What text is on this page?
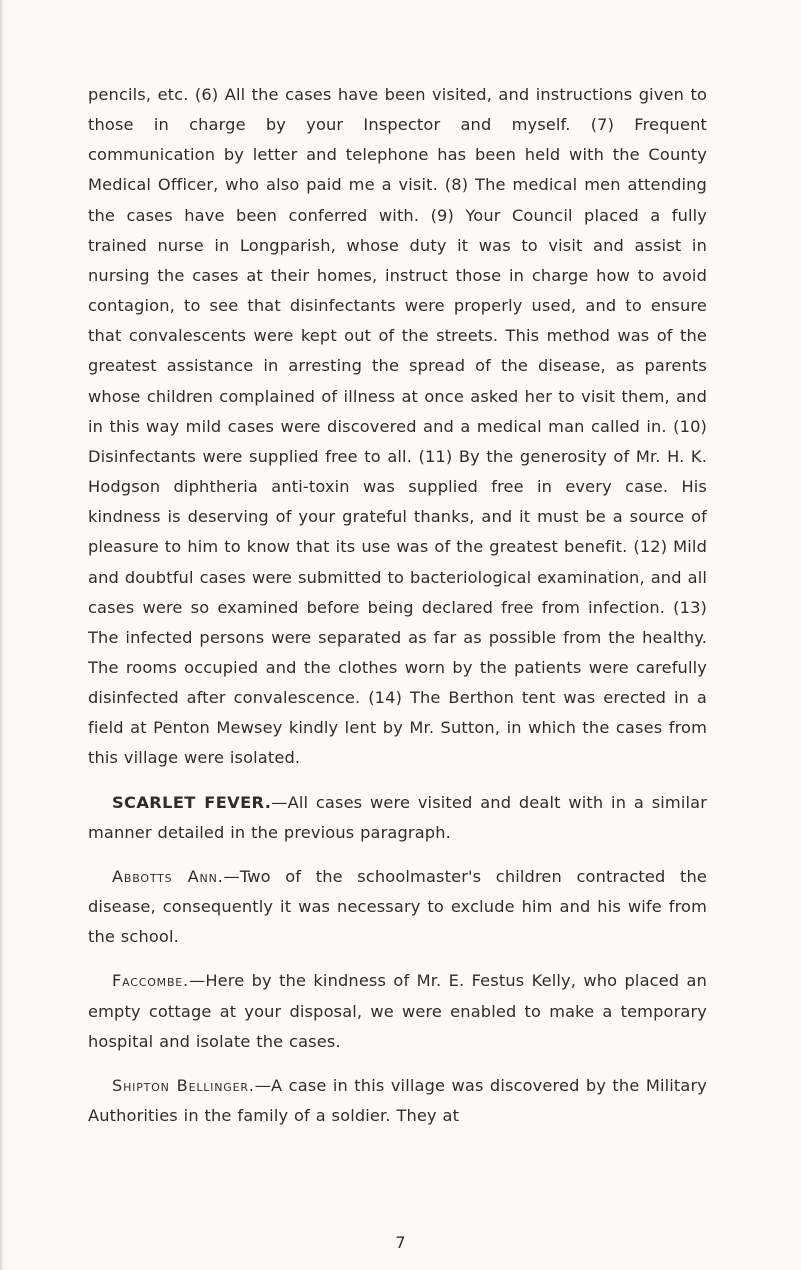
pencils, etc. (6) All the cases have been visited, and instructions given to those in charge by your Inspector and myself. (7) Frequent communication by letter and telephone has been held with the County Medical Officer, who also paid me a visit. (8) The medical men attending the cases have been conferred with. (9) Your Council placed a fully trained nurse in Longparish, whose duty it was to visit and assist in nursing the cases at their homes, instruct those in charge how to avoid contagion, to see that disinfectants were properly used, and to ensure that convalescents were kept out of the streets. This method was of the greatest assistance in arresting the spread of the disease, as parents whose children complained of illness at once asked her to visit them, and in this way mild cases were discovered and a medical man called in. (10) Disinfectants were supplied free to all. (11) By the generosity of Mr. H. K. Hodgson diphtheria anti-toxin was supplied free in every case. His kindness is deserving of your grateful thanks, and it must be a source of pleasure to him to know that its use was of the greatest benefit. (12) Mild and doubtful cases were submitted to bacteriological examination, and all cases were so examined before being declared free from infection. (13) The infected persons were separated as far as possible from the healthy. The rooms occupied and the clothes worn by the patients were carefully disinfected after convalescence. (14) The Berthon tent was erected in a field at Penton Mewsey kindly lent by Mr. Sutton, in which the cases from this village were isolated.

SCARLET FEVER.—All cases were visited and dealt with in a similar manner detailed in the previous paragraph.

Abbotts Ann.—Two of the schoolmaster's children contracted the disease, consequently it was necessary to exclude him and his wife from the school.

Faccombe.—Here by the kindness of Mr. E. Festus Kelly, who placed an empty cottage at your disposal, we were enabled to make a temporary hospital and isolate the cases.

Shipton Bellinger.—A case in this village was discovered by the Military Authorities in the family of a soldier. They at

7
